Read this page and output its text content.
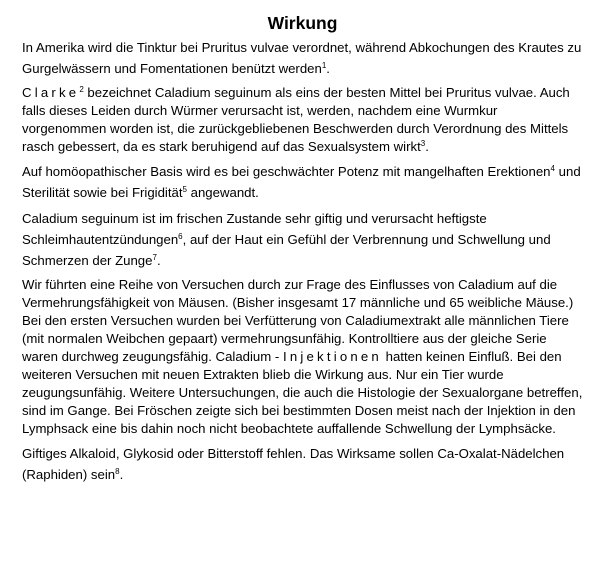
Wirkung

In Amerika wird die Tinktur bei Pruritus vulvae verordnet, während Abkochungen des Krautes zu Gurgelwässern und Fomentationen benützt werden$^1$.

Clarke$^2$ bezeichnet Caladium seguinum als eins der besten Mittel bei Pruritus vulvae. Auch falls dieses Leiden durch Würmer verursacht ist, werden, nachdem eine Wurmkur vorgenommen worden ist, die zurückgebliebenen Beschwerden durch Verordnung des Mittels rasch gebessert, da es stark beruhigend auf das Sexualsystem wirkt$^3$.

Auf homöopathischer Basis wird es bei geschwächter Potenz mit mangelhaften Erektionen$^4$ und Sterilität sowie bei Frigidität$^5$ angewandt.

Caladium seguinum ist im frischen Zustande sehr giftig und verursacht heftigste Schleimhautentzündungen$^6$, auf der Haut ein Gefühl der Verbrennung und Schwellung und Schmerzen der Zunge$^7$.

Wir führten eine Reihe von Versuchen durch zur Frage des Einflusses von Caladium auf die Vermehrungsfähigkeit von Mäusen. (Bisher insgesamt 17 männliche und 65 weibliche Mäuse.) Bei den ersten Versuchen wurden bei Verfütterung von Caladiumextrakt alle männlichen Tiere (mit normalen Weibchen gepaart) vermehrungsunfähig. Kontrolltiere aus der gleiche Serie waren durchweg zeugungsfähig. Caladium - Injektionen hatten keinen Einfluß. Bei den weiteren Versuchen mit neuen Extrakten blieb die Wirkung aus. Nur ein Tier wurde zeugungsunfähig. Weitere Untersuchungen, die auch die Histologie der Sexualorgane betreffen, sind im Gange. Bei Fröschen zeigte sich bei bestimmten Dosen meist nach der Injektion in den Lymphsack eine bis dahin noch nicht beobachtete auffallende Schwellung der Lymphsäcke.

Giftiges Alkaloid, Glykosid oder Bitterstoff fehlen. Das Wirksame sollen Ca-Oxalat-Nädelchen (Raphiden) sein$^8$.
